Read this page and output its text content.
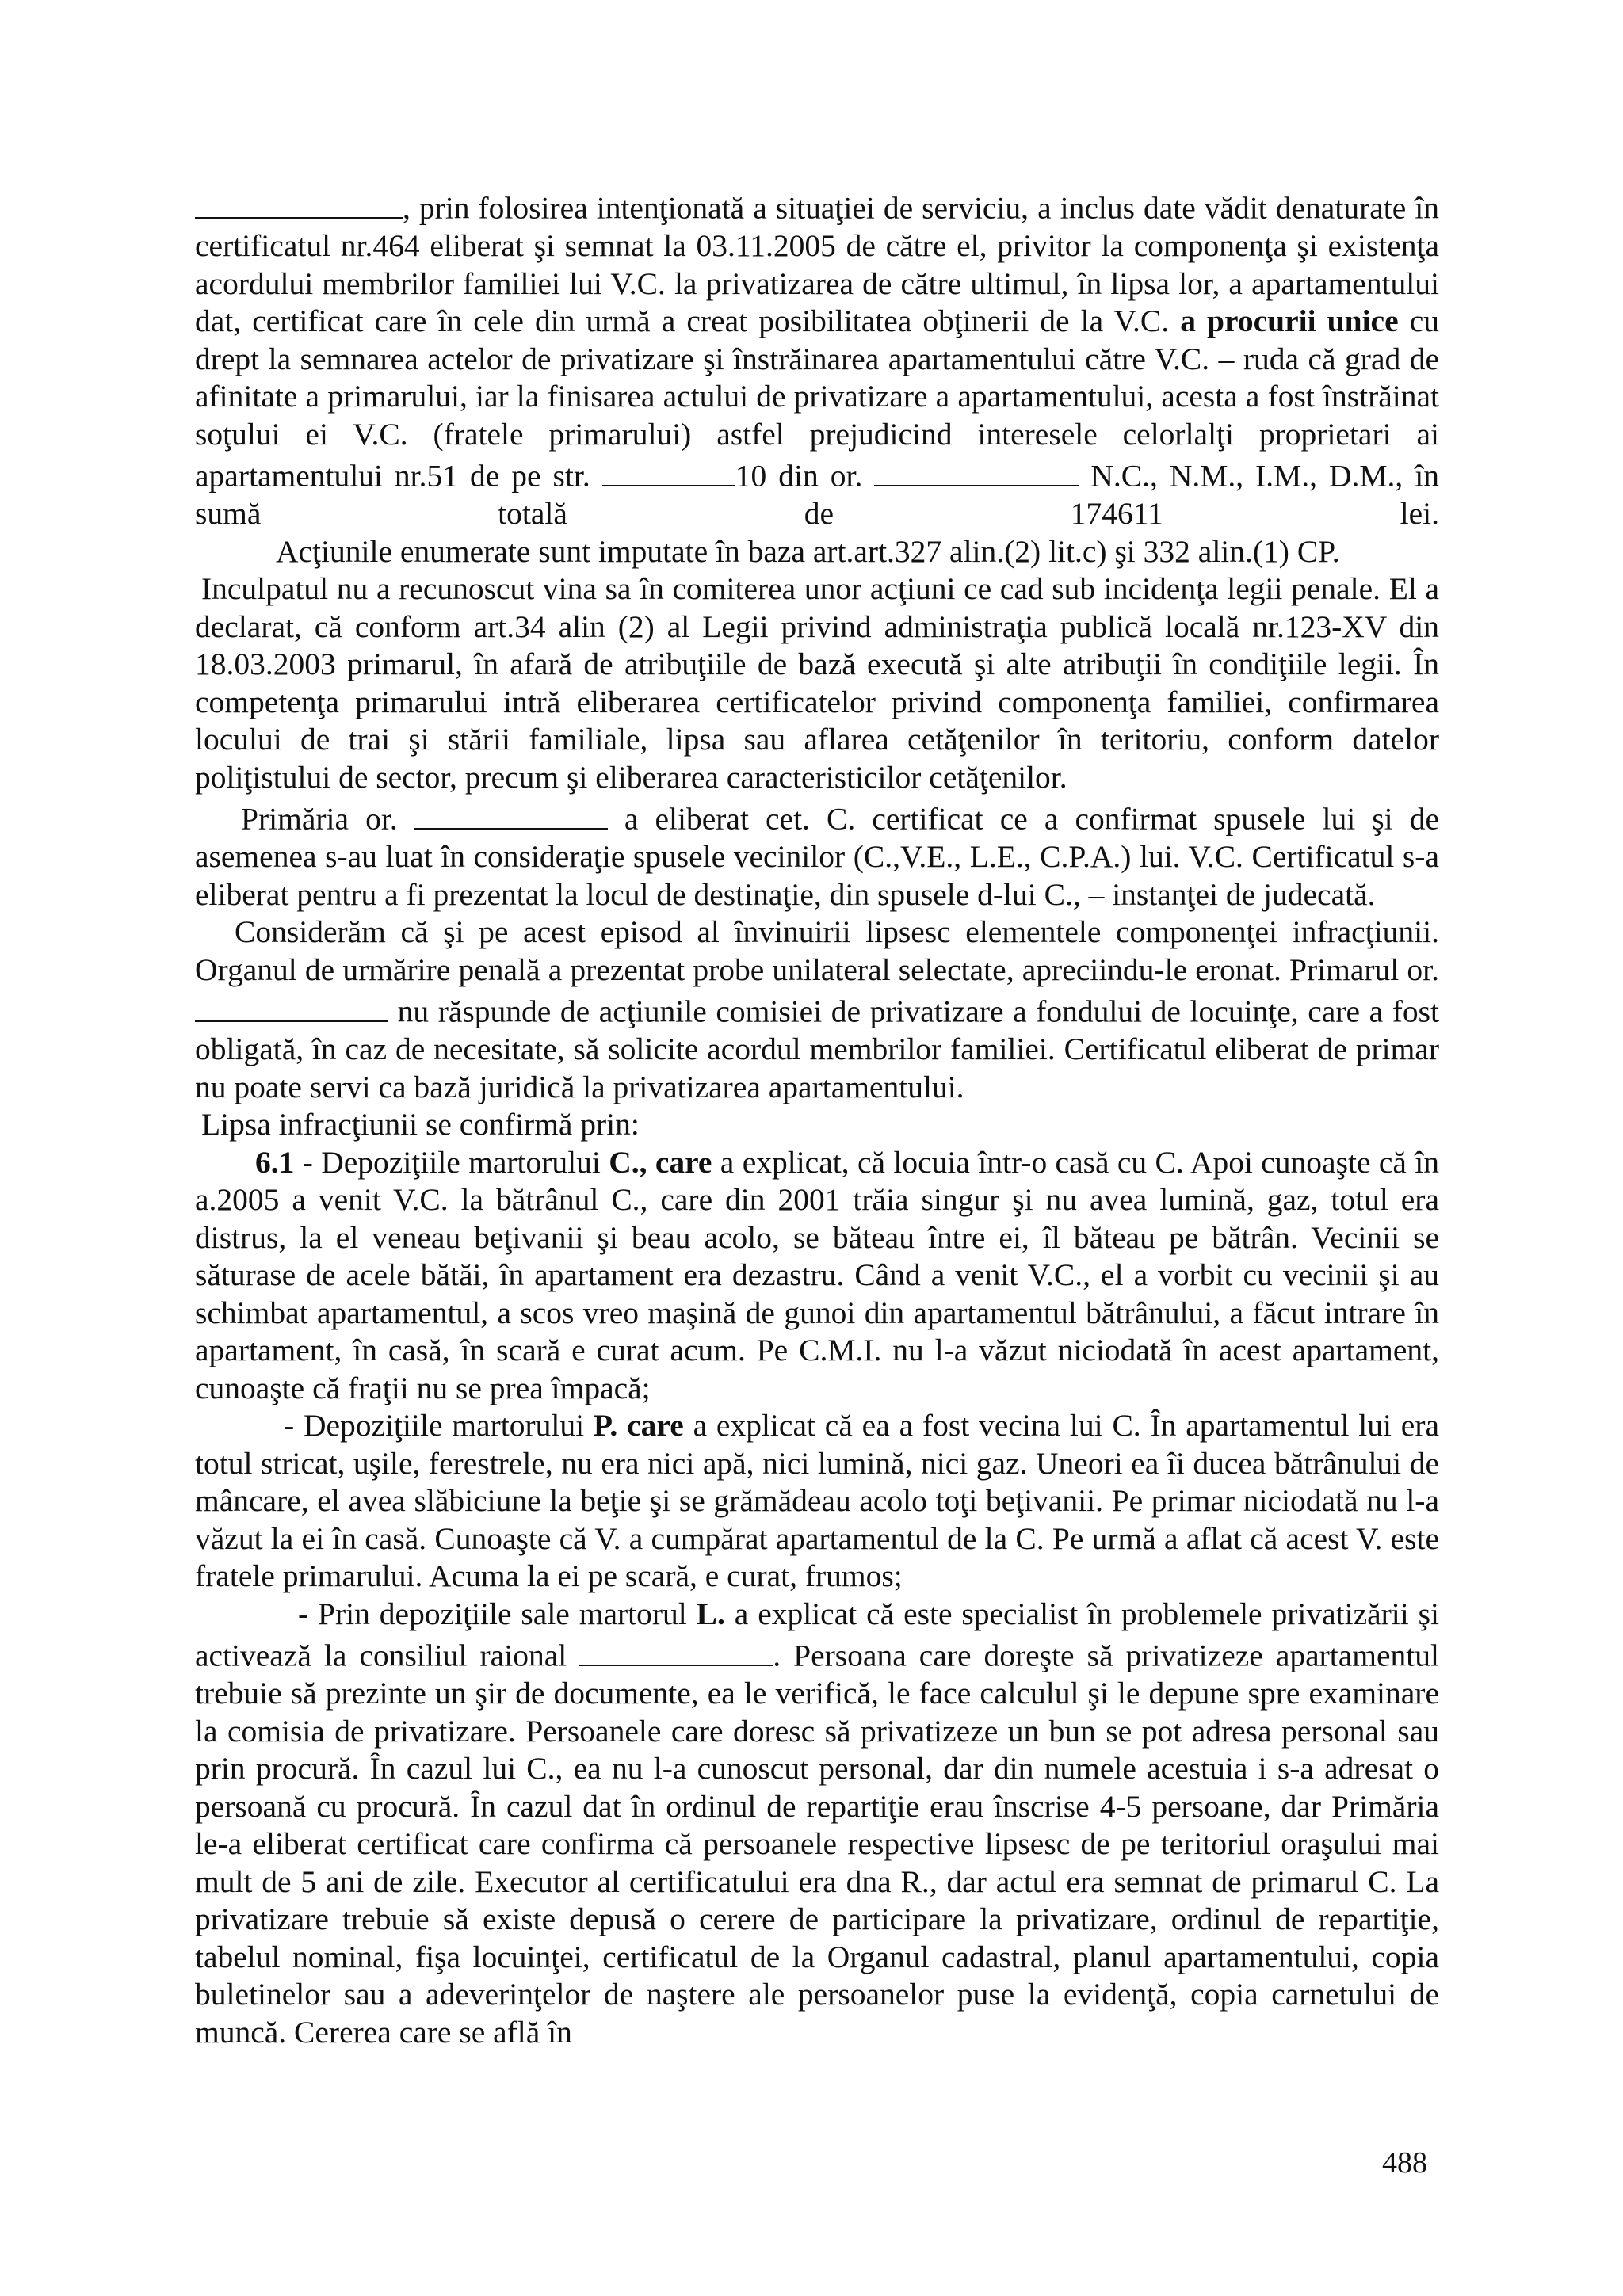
, prin folosirea intenţionată a situaţiei de serviciu, a inclus date vădit denaturate în certificatul nr.464 eliberat şi semnat la 03.11.2005 de către el, privitor la componenţa şi existenţa acordului membrilor familiei lui V.C. la privatizarea de către ultimul, în lipsa lor, a apartamentului dat, certificat care în cele din urmă a creat posibilitatea obţinerii de la V.C. a procurii unice cu drept la semnarea actelor de privatizare şi înstrăinarea apartamentului către V.C. – ruda că grad de afinitate a primarului, iar la finisarea actului de privatizare a apartamentului, acesta a fost înstrăinat soţului ei V.C. (fratele primarului) astfel prejudicind interesele celorlalţi proprietari ai apartamentului nr.51 de pe str.	10 din or.	N.C., N.M., I.M., D.M., în sumă totală de 174611 lei.

Acţiunile enumerate sunt imputate în baza art.art.327 alin.(2) lit.c) şi 332 alin.(1) CP.

Inculpatul nu a recunoscut vina sa în comiterea unor acţiuni ce cad sub incidenţa legii penale. El a declarat, că conform art.34 alin (2) al Legii privind administraţia publică locală nr.123-XV din 18.03.2003 primarul, în afară de atribuţiile de bază execută şi alte atribuţii în condiţiile legii. În competenţa primarului intră eliberarea certificatelor privind componenţa familiei, confirmarea locului de trai şi stării familiale, lipsa sau aflarea cetăţenilor în teritoriu, conform datelor poliţistului de sector, precum şi eliberarea caracteristicilor cetăţenilor.

Primăria or.	a eliberat cet. C. certificat ce a confirmat spusele lui şi de asemenea s-au luat în consideraţie spusele vecinilor (C.,V.E., L.E., C.P.A.) lui. V.C. Certificatul s-a eliberat pentru a fi prezentat la locul de destinaţie, din spusele d-lui C., – instanţei de judecată.

Considerăm că şi pe acest episod al învinuirii lipsesc elementele componenţei infracţiunii. Organul de urmărire penală a prezentat probe unilateral selectate, apreciindu-le eronat. Primarul or.  nu răspunde de acţiunile comisiei de privatizare a fondului de locuinţe, care a fost obligată, în caz de necesitate, să solicite acordul membrilor familiei. Certificatul eliberat de primar nu poate servi ca bază juridică la privatizarea apartamentului.

Lipsa infracţiunii se confirmă prin:

6.1 - Depoziţiile martorului C., care a explicat, că locuia într-o casă cu C. Apoi cunoaşte că în a.2005 a venit V.C. la bătrânul C., care din 2001 trăia singur şi nu avea lumină, gaz, totul era distrus, la el veneau beţivanii şi beau acolo, se băteau între ei, îl băteau pe bătrân. Vecinii se săturase de acele bătăi, în apartament era dezastru. Când a venit V.C., el a vorbit cu vecinii şi au schimbat apartamentul, a scos vreo maşină de gunoi din apartamentul bătrânului, a făcut intrare în apartament, în casă, în scară e curat acum. Pe C.M.I. nu l-a văzut niciodată în acest apartament, cunoaşte că fraţii nu se prea împacă;

- Depoziţiile martorului P. care a explicat că ea a fost vecina lui C. În apartamentul lui era totul stricat, uşile, ferestrele, nu era nici apă, nici lumină, nici gaz. Uneori ea îi ducea bătrânului de mâncare, el avea slăbiciune la beţie şi se grămădeau acolo toţi beţivanii. Pe primar niciodată nu l-a văzut la ei în casă. Cunoaşte că V. a cumpărat apartamentul de la C. Pe urmă a aflat că acest V. este fratele primarului. Acuma la ei pe scară, e curat, frumos;

- Prin depoziţiile sale martorul L. a explicat că este specialist în problemele privatizării şi activează la consiliul raional	. Persoana care doreşte să privatizeze apartamentul trebuie să prezinte un şir de documente, ea le verifică, le face calculul şi le depune spre examinare la comisia de privatizare. Persoanele care doresc să privatizeze un bun se pot adresa personal sau prin procură. În cazul lui C., ea nu l-a cunoscut personal, dar din numele acestuia i s-a adresat o persoană cu procură. În cazul dat în ordinul de repartiţie erau înscrise 4-5 persoane, dar Primăria le-a eliberat certificat care confirma că persoanele respective lipsesc de pe teritoriul oraşului mai mult de 5 ani de zile. Executor al certificatului era dna R., dar actul era semnat de primarul C. La privatizare trebuie să existe depusă o cerere de participare la privatizare, ordinul de repartiţie, tabelul nominal, fişa locuinţei, certificatul de la Organul cadastral, planul apartamentului, copia buletinelor sau a adeverinţelor de naştere ale persoanelor puse la evidenţă, copia carnetului de muncă. Cererea care se află în

488
